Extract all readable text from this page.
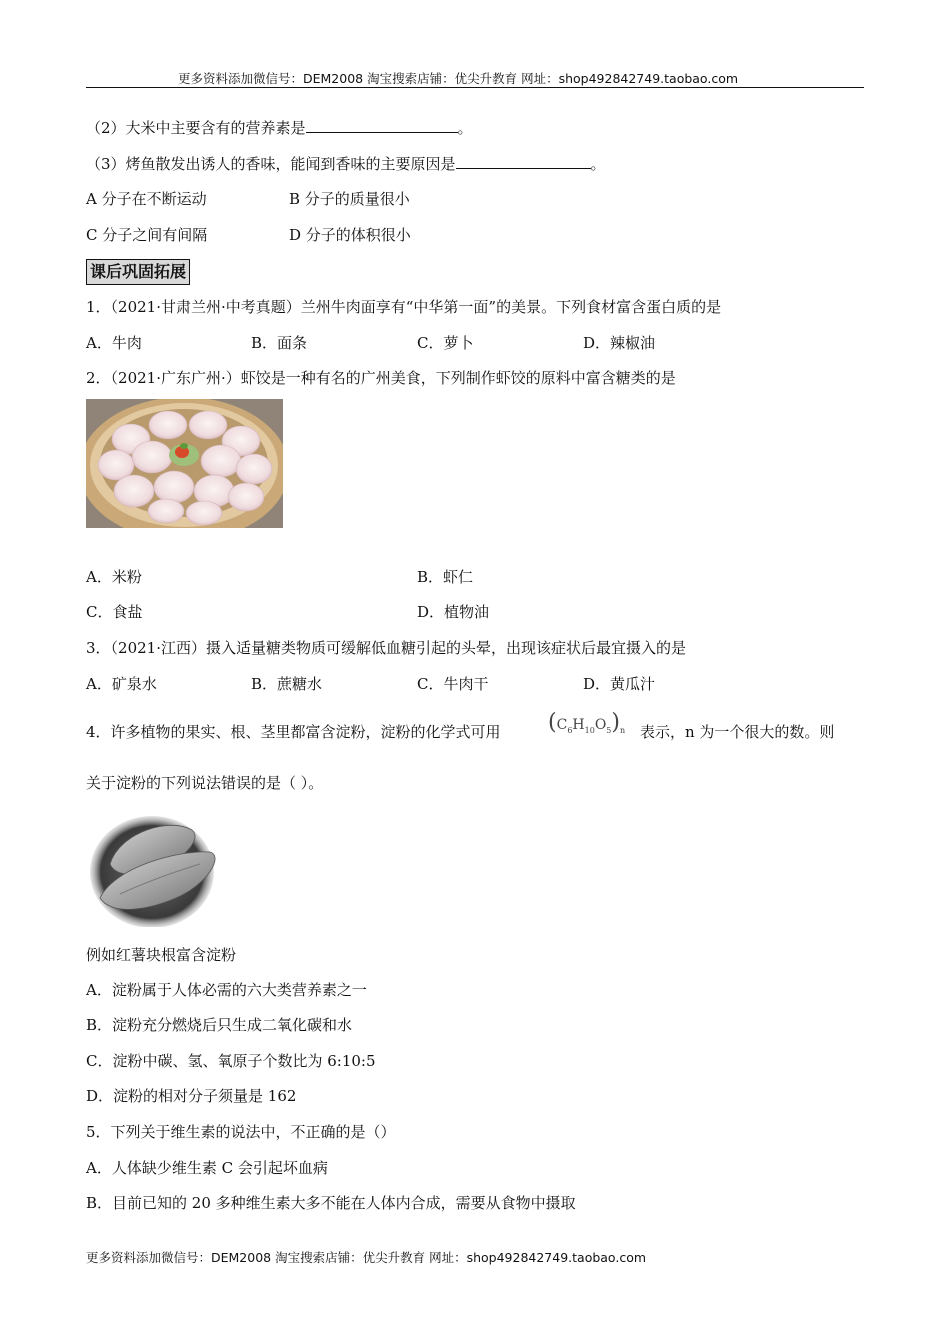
更多资料添加微信号：DEM2008 淘宝搜索店铺：优尖升教育 网址：shop492842749.taobao.com
（2）大米中主要含有的营养素是	。
（3）烤鱼散发出诱人的香味，能闻到香味的主要原因是	。
A 分子在不断运动	B 分子的质量很小
C 分子之间有间隔	D 分子的体积很小
课后巩固拓展
1．（2021·甘肃兰州·中考真题）兰州牛肉面享有“中华第一面”的美景。下列食材富含蛋白质的是
A．牛肉	B．面条	C．萝卜	D．辣椒油
2．（2021·广东广州·）虾饺是一种有名的广州美食，下列制作虾饺的原料中富含糖类的是
A．米粉	B．虾仁
C．食盐	D．植物油
3．（2021·江西）摄入适量糖类物质可缓解低血糖引起的头晕，出现该症状后最宜摄入的是
A．矿泉水	B．蔗糖水	C．牛肉干	D．黄瓜汁
4．许多植物的果实、根、茎里都富含淀粉，淀粉的化学式可用 $(C_6H_{10}O_5)_n$ 表示，n 为一个很大的数。则
关于淀粉的下列说法错误的是（ ）。
例如红薯块根富含淀粉
A．淀粉属于人体必需的六大类营养素之一
B．淀粉充分燃烧后只生成二氧化碳和水
C．淀粉中碳、氢、氧原子个数比为 6:10:5
D．淀粉的相对分子须量是 162
5．下列关于维生素的说法中，不正确的是（）
A．人体缺少维生素 C 会引起坏血病
B．目前已知的 20 多种维生素大多不能在人体内合成，需要从食物中摄取
更多资料添加微信号：DEM2008 淘宝搜索店铺：优尖升教育 网址：shop492842749.taobao.com
